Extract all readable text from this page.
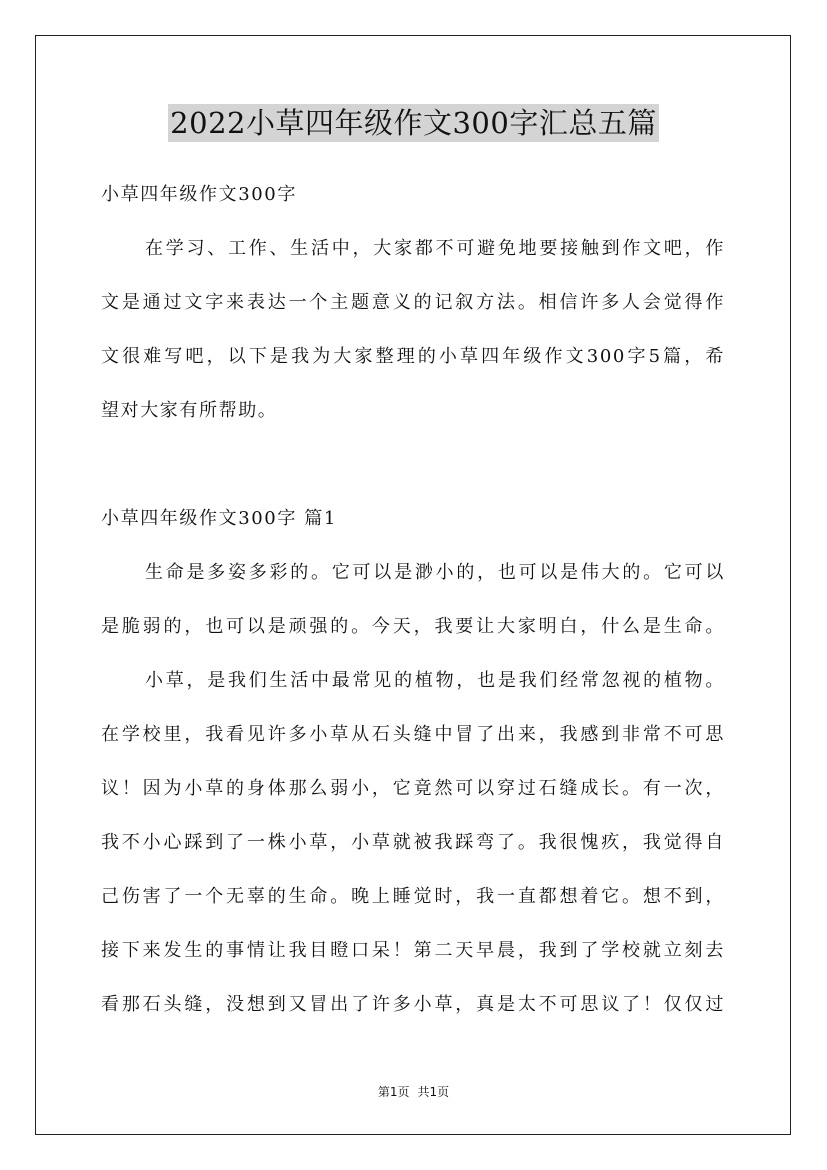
2022小草四年级作文300字汇总五篇
小草四年级作文300字
在学习、工作、生活中，大家都不可避免地要接触到作文吧，作
文是通过文字来表达一个主题意义的记叙方法。相信许多人会觉得作
文很难写吧，以下是我为大家整理的小草四年级作文300字5篇，希
望对大家有所帮助。
小草四年级作文300字 篇1
生命是多姿多彩的。它可以是渺小的，也可以是伟大的。它可以
是脆弱的，也可以是顽强的。今天，我要让大家明白，什么是生命。
小草，是我们生活中最常见的植物，也是我们经常忽视的植物。
在学校里，我看见许多小草从石头缝中冒了出来，我感到非常不可思
议！因为小草的身体那么弱小，它竟然可以穿过石缝成长。有一次，
我不小心踩到了一株小草，小草就被我踩弯了。我很愧疚，我觉得自
己伤害了一个无辜的生命。晚上睡觉时，我一直都想着它。想不到，
接下来发生的事情让我目瞪口呆！第二天早晨，我到了学校就立刻去
看那石头缝，没想到又冒出了许多小草，真是太不可思议了！仅仅过
第1页 共1页
